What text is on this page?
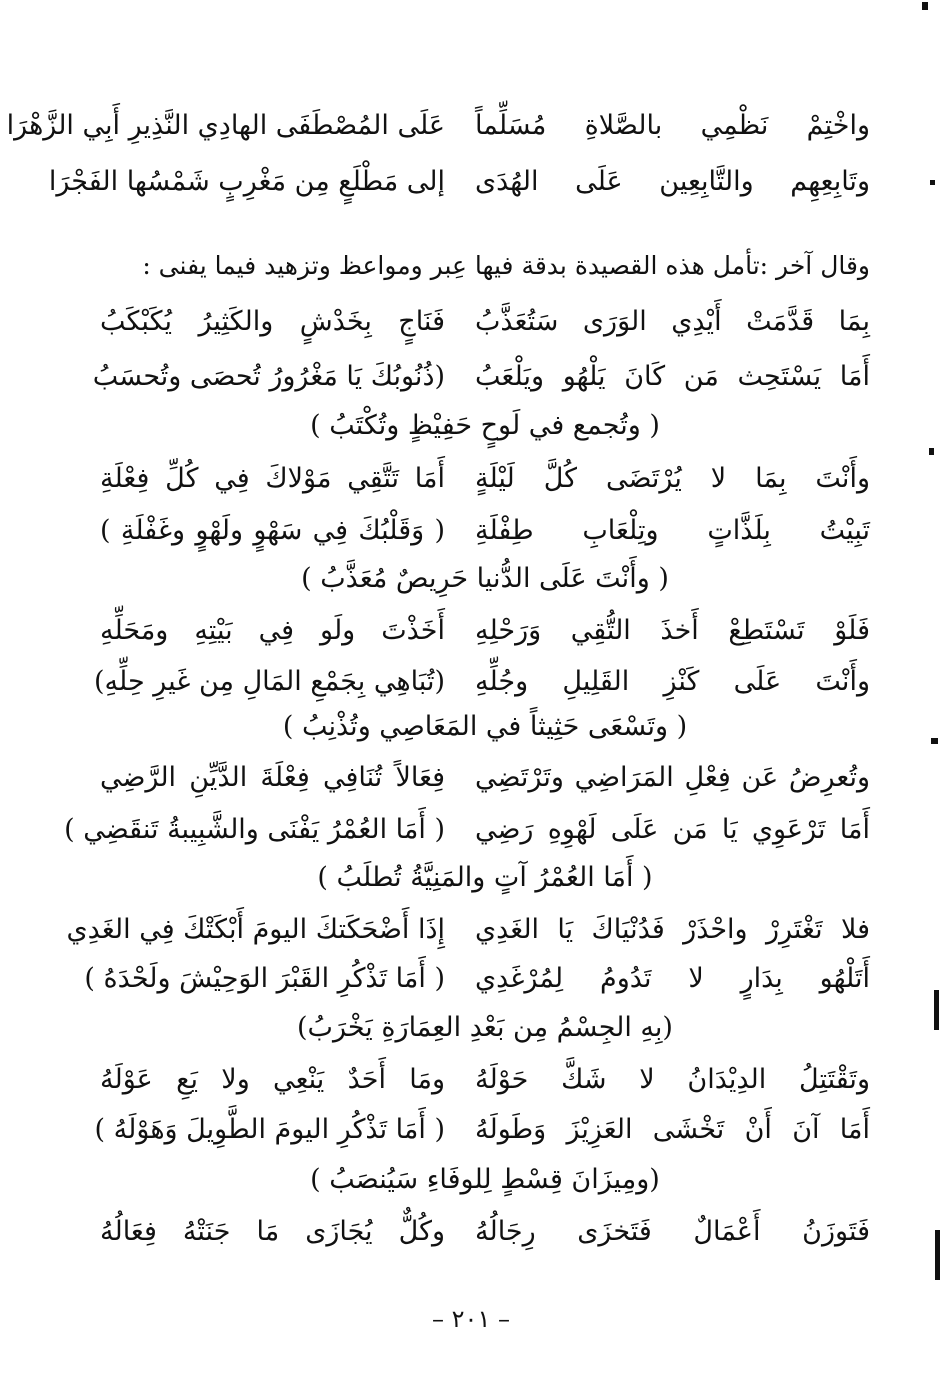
واخْتِمْ نَظْمِي بالصَّلاةِ مُسَلِّماً
عَلَى المُصْطَفَى الهادِي النَّذِيرِ أَبِي الزَّهْرَا
وتَابِعِهِم والتَّابِعِين عَلَى الهُدَى
إلى مَطْلَعٍ مِن مَغْرِبٍ شَمْسُها الفَجْرَا
وقال آخر :تأمل هذه القصيدة بدقة فيها عِبر ومواعظ وتزهيد فيما يفنى :
بِمَا قَدَّمَتْ أَيْدِي الوَرَى سَتُعَذَّبُ
فَنَاجٍ بِخَدْشٍ والكَثِيرُ يُكَبْكَبُ
أَمَا يَسْتَحِث مَن كَانَ يَلْهُو ويَلْعَبُ
(ذُنُوبُكَ يَا مَغْرُورُ تُحصَى وتُحسَبُ
( وتُجمع في لَوحٍ حَفِيْظٍ وتُكْتَبُ )
وأَنْتَ بِمَا لا يُرْتَضَى كُلَّ لَيْلَةٍ
أَمَا تَتَّقِي مَوْلاكَ فِي كُلِّ فِعْلَةِ
تَبِيْتُ بِلَذَّاتٍ وتِلْعَابِ طِفْلَةِ
( وَقَلْبُكَ فِي سَهْوٍ ولَهْوٍ وغَفْلَةِ )
( وأَنْتَ عَلَى الدُّنيا حَرِيصٌ مُعَذَّبُ )
فَلَوْ تَسْتَطِعْ أَخذَ التُّقِي وَرَحْلِهِ
أَخَذْتَ ولَو فِي بَيْتِهِ ومَحَلِّهِ
وأَنْتَ عَلَى كَنْزِ القَلِيلِ وجُلِّهِ
(تُبَاهِي بِجَمْعِ المَالِ مِن غَيرِ حِلِّهِ)
( وتَسْعَى حَثِيثاً في المَعَاصِي وتُذْنِبُ )
وتُعرِضُ عَن فِعْلِ المَرَاضِي وتَرْتَضِي
فِعَالاً تُنَافِي فِعْلَةَ الدَّيِّنِ الرَّضِي
أَمَا تَرْعَوِي يَا مَن عَلَى لَهْوِهِ رَضِي
( أَمَا العُمْرُ يَفْنَى والشَّبِيبةُ تَنقَضِي )
( أَمَا العُمْرُ آتٍ والمَنِيَّةُ تُطلَبُ )
فلا تَغْتَرِرْ واحْذَرْ فَدُنْيَاكَ يَا الغَدِي
إِذَا أَضْحَكَتكَ اليومَ أَبْكَتْكَ فِي الغَدِي
أَتَلْهُو بِدَارٍ لا تَدُومُ لِمُرْغَدِي
( أَمَا تَذْكُرِ القَبْرَ الوَحِيْشَ ولَحْدَهُ )
(بِهِ الجِسْمُ مِن بَعْدِ العِمَارَةِ يَخْرَبُ)
وتَقْتَتِلُ الدِيْدَانُ لا شَكَّ حَوْلَهُ
ومَا أَحَدٌ يَنْعِي ولا يَعِ عَوْلَهُ
أَمَا آنَ أَنْ تَخْشَى العَزِيْزَ وَطَولَهُ
( أَمَا تَذْكُرِ اليومَ الطَّوِيلَ وَهَوْلَهُ )
(ومِيزَانَ قِسْطٍ لِلوفَاءِ سَيُنصَبُ )
فَتَوزَنُ أَعْمَالٌ فَتَخزَى رِجَالُهُ
وكُلٌّ يُجَازَى مَا جَنَتْهُ فِعَالُهُ
– ٢٠١ –
